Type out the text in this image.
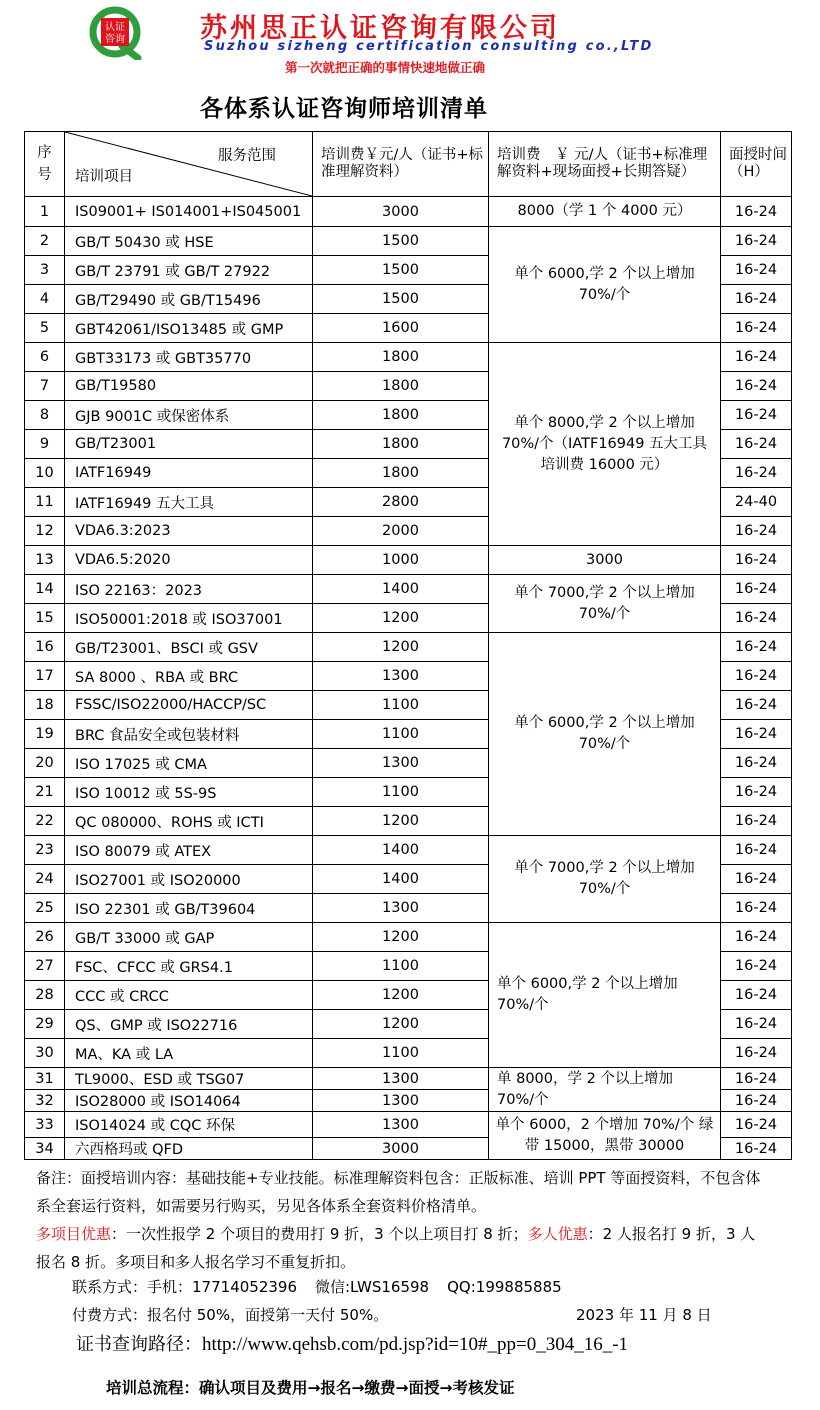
认证
咨询	苏州思正认证咨询有限公司
Suzhou sizheng certification consulting co.,LTD
第一次就把正确的事情快速地做正确
各体系认证咨询师培训清单
序
号	服务范围
培训项目	培训费￥元/人（证书+标准理解资料）	培训费　￥ 元/人（证书+标准理解资料+现场面授+长期答疑）	面授时间（H）
1	IS09001+ IS014001+IS045001	3000	8000（学 1 个 4000 元）	16-24
2	GB/T 50430 或 HSE	1500	单个 6000,学 2 个以上增加 70%/个	16-24
3	GB/T 23791 或 GB/T 27922	1500		16-24
4	GB/T29490 或 GB/T15496	1500		16-24
5	GBT42061/ISO13485 或 GMP	1600		16-24
6	GBT33173 或 GBT35770	1800	单个 8000,学 2 个以上增加 70%/个（IATF16949 五大工具培训费 16000 元）	16-24
7	GB/T19580	1800		16-24
8	GJB 9001C 或保密体系	1800		16-24
9	GB/T23001	1800		16-24
10	IATF16949	1800		16-24
11	IATF16949 五大工具	2800		24-40
12	VDA6.3:2023	2000		16-24
13	VDA6.5:2020	1000	3000	16-24
14	ISO 22163：2023	1400	单个 7000,学 2 个以上增加 70%/个	16-24
15	ISO50001:2018 或 ISO37001	1200		16-24
16	GB/T23001、BSCI 或 GSV	1200	单个 6000,学 2 个以上增加 70%/个	16-24
17	SA 8000 、RBA 或 BRC	1300		16-24
18	FSSC/ISO22000/HACCP/SC	1100		16-24
19	BRC 食品安全或包装材料	1100		16-24
20	ISO 17025 或 CMA	1300		16-24
21	ISO 10012 或 5S-9S	1100		16-24
22	QC 080000、ROHS 或 ICTI	1200		16-24
23	ISO 80079 或 ATEX	1400	单个 7000,学 2 个以上增加 70%/个	16-24
24	ISO27001 或 ISO20000	1400		16-24
25	ISO 22301 或 GB/T39604	1300		16-24
26	GB/T 33000 或 GAP	1200	单个 6000,学 2 个以上增加 70%/个	16-24
27	FSC、CFCC 或 GRS4.1	1100		16-24
28	CCC 或 CRCC	1200		16-24
29	QS、GMP 或 ISO22716	1200		16-24
30	MA、KA 或 LA	1100		16-24
31	TL9000、ESD 或 TSG07	1300	单 8000，学 2 个以上增加 70%/个	16-24
32	ISO28000 或 ISO14064	1300		16-24
33	ISO14024 或 CQC 环保	1300	单个 6000，2 个增加 70%/个 绿带 15000，黑带 30000	16-24
34	六西格玛或 QFD	3000		16-24

备注：面授培训内容：基础技能+专业技能。标准理解资料包含：正版标准、培训 PPT 等面授资料，不包含体系全套运行资料，如需要另行购买，另见各体系全套资料价格清单。

多项目优惠：一次性报学 2 个项目的费用打 9 折，3 个以上项目打 8 折；多人优惠：2 人报名打 9 折，3 人报名 8 折。多项目和多人报名学习不重复折扣。

联系方式：手机：17714052396 微信:LWS16598 QQ:199885885
付费方式：报名付 50%，面授第一天付 50%。	2023 年 11 月 8 日
证书查询路径：http://www.qehsb.com/pd.jsp?id=10#_pp=0_304_16_-1
培训总流程：确认项目及费用→报名→缴费→面授→考核发证
